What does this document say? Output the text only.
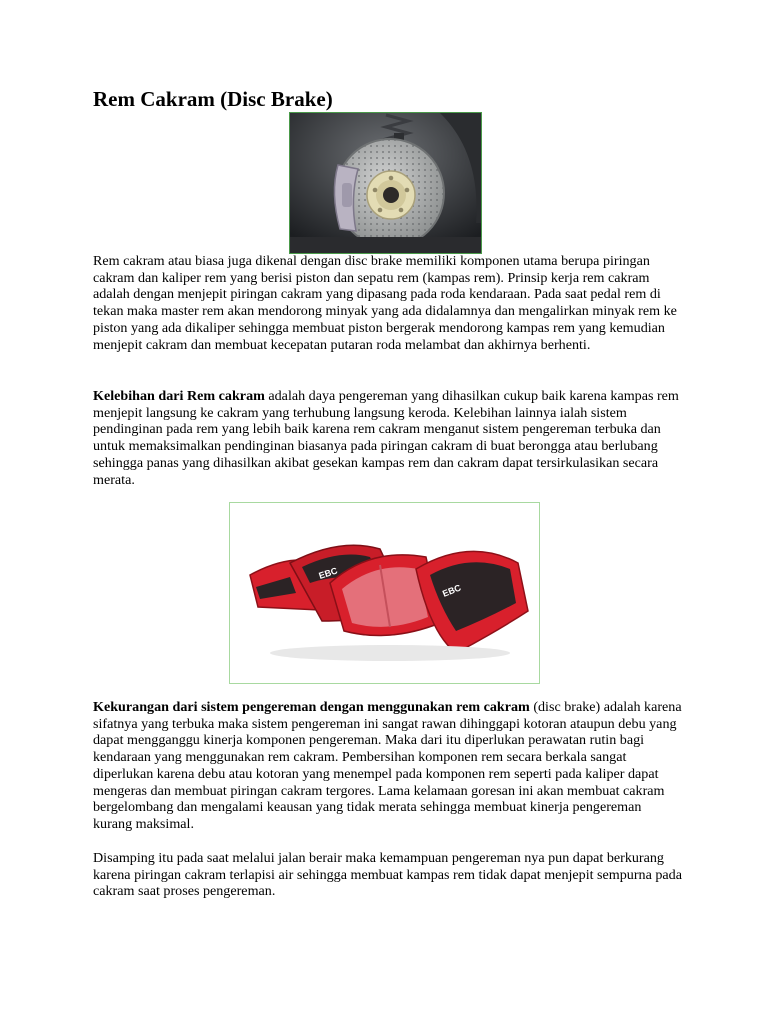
Rem Cakram (Disc Brake)

Rem cakram atau biasa juga dikenal dengan disc brake memiliki komponen utama berupa piringan cakram dan kaliper rem yang berisi piston dan sepatu rem (kampas rem). Prinsip kerja rem cakram adalah dengan menjepit piringan cakram yang dipasang pada roda kendaraan. Pada saat pedal rem di tekan maka master rem akan mendorong minyak yang ada didalamnya dan mengalirkan minyak rem ke piston yang ada dikaliper sehingga membuat piston bergerak mendorong kampas rem yang kemudian menjepit cakram dan membuat kecepatan putaran roda melambat dan akhirnya berhenti.

Kelebihan dari Rem cakram adalah daya pengereman yang dihasilkan cukup baik karena kampas rem menjepit langsung ke cakram yang terhubung langsung keroda. Kelebihan lainnya ialah sistem pendinginan pada rem yang lebih baik karena rem cakram menganut sistem pengereman terbuka dan untuk memaksimalkan pendinginan biasanya pada piringan cakram di buat berongga atau berlubang sehingga panas yang dihasilkan akibat gesekan kampas rem dan cakram dapat tersirkulasikan secara merata.

EBC
EBC

Kekurangan dari sistem pengereman dengan menggunakan rem cakram (disc brake) adalah karena sifatnya yang terbuka maka sistem pengereman ini sangat rawan dihinggapi kotoran ataupun debu yang dapat mengganggu kinerja komponen pengereman. Maka dari itu diperlukan perawatan rutin bagi kendaraan yang menggunakan rem cakram. Pembersihan komponen rem secara berkala sangat diperlukan karena debu atau kotoran yang menempel pada komponen rem seperti pada kaliper dapat mengeras dan membuat piringan cakram tergores. Lama kelamaan goresan ini akan membuat cakram bergelombang dan mengalami keausan yang tidak merata sehingga membuat kinerja pengereman kurang maksimal.

Disamping itu pada saat melalui jalan berair maka kemampuan pengereman nya pun dapat berkurang karena piringan cakram terlapisi air sehingga membuat kampas rem tidak dapat menjepit sempurna pada cakram saat proses pengereman.
